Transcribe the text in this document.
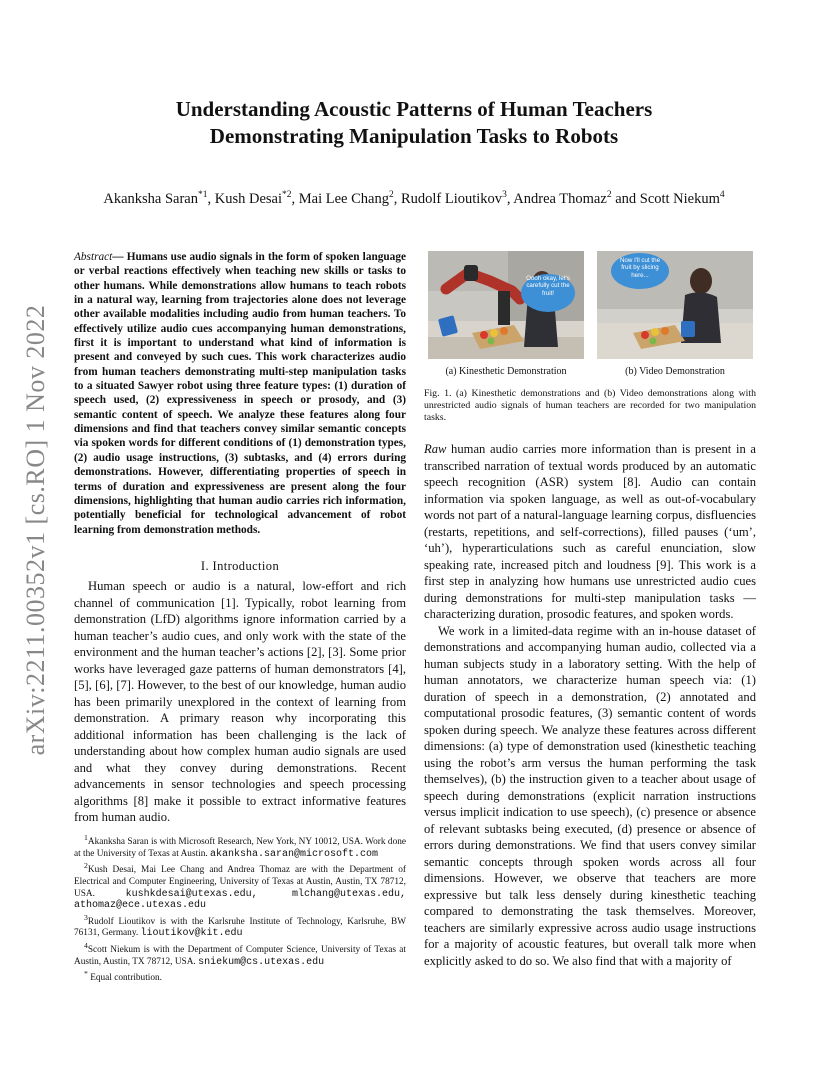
arXiv:2211.00352v1 [cs.RO] 1 Nov 2022
Understanding Acoustic Patterns of Human Teachers
Demonstrating Manipulation Tasks to Robots
Akanksha Saran$^{*1}$, Kush Desai$^{*2}$, Mai Lee Chang$^2$, Rudolf Lioutikov$^3$, Andrea Thomaz$^2$ and Scott Niekum$^4$
Abstract— Humans use audio signals in the form of spoken language or verbal reactions effectively when teaching new skills or tasks to other humans. While demonstrations allow humans to teach robots in a natural way, learning from trajectories alone does not leverage other available modalities including audio from human teachers. To effectively utilize audio cues accompanying human demonstrations, first it is important to understand what kind of information is present and conveyed by such cues. This work characterizes audio from human teachers demonstrating multi-step manipulation tasks to a situated Sawyer robot using three feature types: (1) duration of speech used, (2) expressiveness in speech or prosody, and (3) semantic content of speech. We analyze these features along four dimensions and find that teachers convey similar semantic concepts via spoken words for different conditions of (1) demonstration types, (2) audio usage instructions, (3) subtasks, and (4) errors during demonstrations. However, differentiating properties of speech in terms of duration and expressiveness are present along the four dimensions, highlighting that human audio carries rich information, potentially beneficial for technological advancement of robot learning from demonstration methods.
I. Introduction

Human speech or audio is a natural, low-effort and rich channel of communication [1]. Typically, robot learning from demonstration (LfD) algorithms ignore information carried by a human teacher’s audio cues, and only work with the state of the environment and the human teacher’s actions [2], [3]. Some prior works have leveraged gaze patterns of human demonstrators [4], [5], [6], [7]. However, to the best of our knowledge, human audio has been primarily unexplored in the context of learning from demonstration. A primary reason why incorporating this additional information has been challenging is the lack of understanding about how complex human audio signals are used and what they convey during demonstrations. Recent advancements in sensor technologies and speech processing algorithms [8] make it possible to extract informative features from human audio.

$^1$Akanksha Saran is with Microsoft Research, New York, NY 10012, USA. Work done at the University of Texas at Austin. akanksha.saran@microsoft.com

$^2$Kush Desai, Mai Lee Chang and Andrea Thomaz are with the Department of Electrical and Computer Engineering, University of Texas at Austin, Austin, TX 78712, USA.	kushkdesai@utexas.edu, mlchang@utexas.edu, athomaz@ece.utexas.edu

$^3$Rudolf Lioutikov is with the Karlsruhe Institute of Technology, Karlsruhe, BW 76131, Germany. lioutikov@kit.edu

$^4$Scott Niekum is with the Department of Computer Science, University of Texas at Austin, Austin, TX 78712, USA. sniekum@cs.utexas.edu

* Equal contribution.

Oooh okay, let's carefully cut the fruit!
Now I'll cut the fruit by slicing here...
(a) Kinesthetic Demonstration	(b) Video Demonstration
Fig. 1. (a) Kinesthetic demonstrations and (b) Video demonstrations along with unrestricted audio signals of human teachers are recorded for two manipulation tasks.

Raw human audio carries more information than is present in a transcribed narration of textual words produced by an automatic speech recognition (ASR) system [8]. Audio can contain information via spoken language, as well as out-of-vocabulary words not part of a natural-language learning corpus, disfluencies (restarts, repetitions, and self-corrections), filled pauses (‘um’, ‘uh’), hyperarticulations such as careful enunciation, slow speaking rate, increased pitch and loudness [9]. This work is a first step in analyzing how humans use unrestricted audio cues during demonstrations for multi-step manipulation tasks —characterizing duration, prosodic features, and spoken words.

We work in a limited-data regime with an in-house dataset of demonstrations and accompanying human audio, collected via a human subjects study in a laboratory setting. With the help of human annotators, we characterize human speech via: (1) duration of speech in a demonstration, (2) annotated and computational prosodic features, (3) semantic content of words spoken during speech. We analyze these features across different dimensions: (a) type of demonstration used (kinesthetic teaching using the robot’s arm versus the human performing the task themselves), (b) the instruction given to a teacher about usage of speech during demonstrations (explicit narration instructions versus implicit indication to use speech), (c) presence or absence of relevant subtasks being executed, (d) presence or absence of errors during demonstrations. We find that users convey similar semantic concepts through spoken words across all four dimensions. However, we observe that teachers are more expressive but talk less densely during kinesthetic teaching compared to demonstrating the task themselves. Moreover, teachers are similarly expressive across audio usage instructions for a majority of acoustic features, but overall talk more when explicitly asked to do so. We also find that with a majority of
